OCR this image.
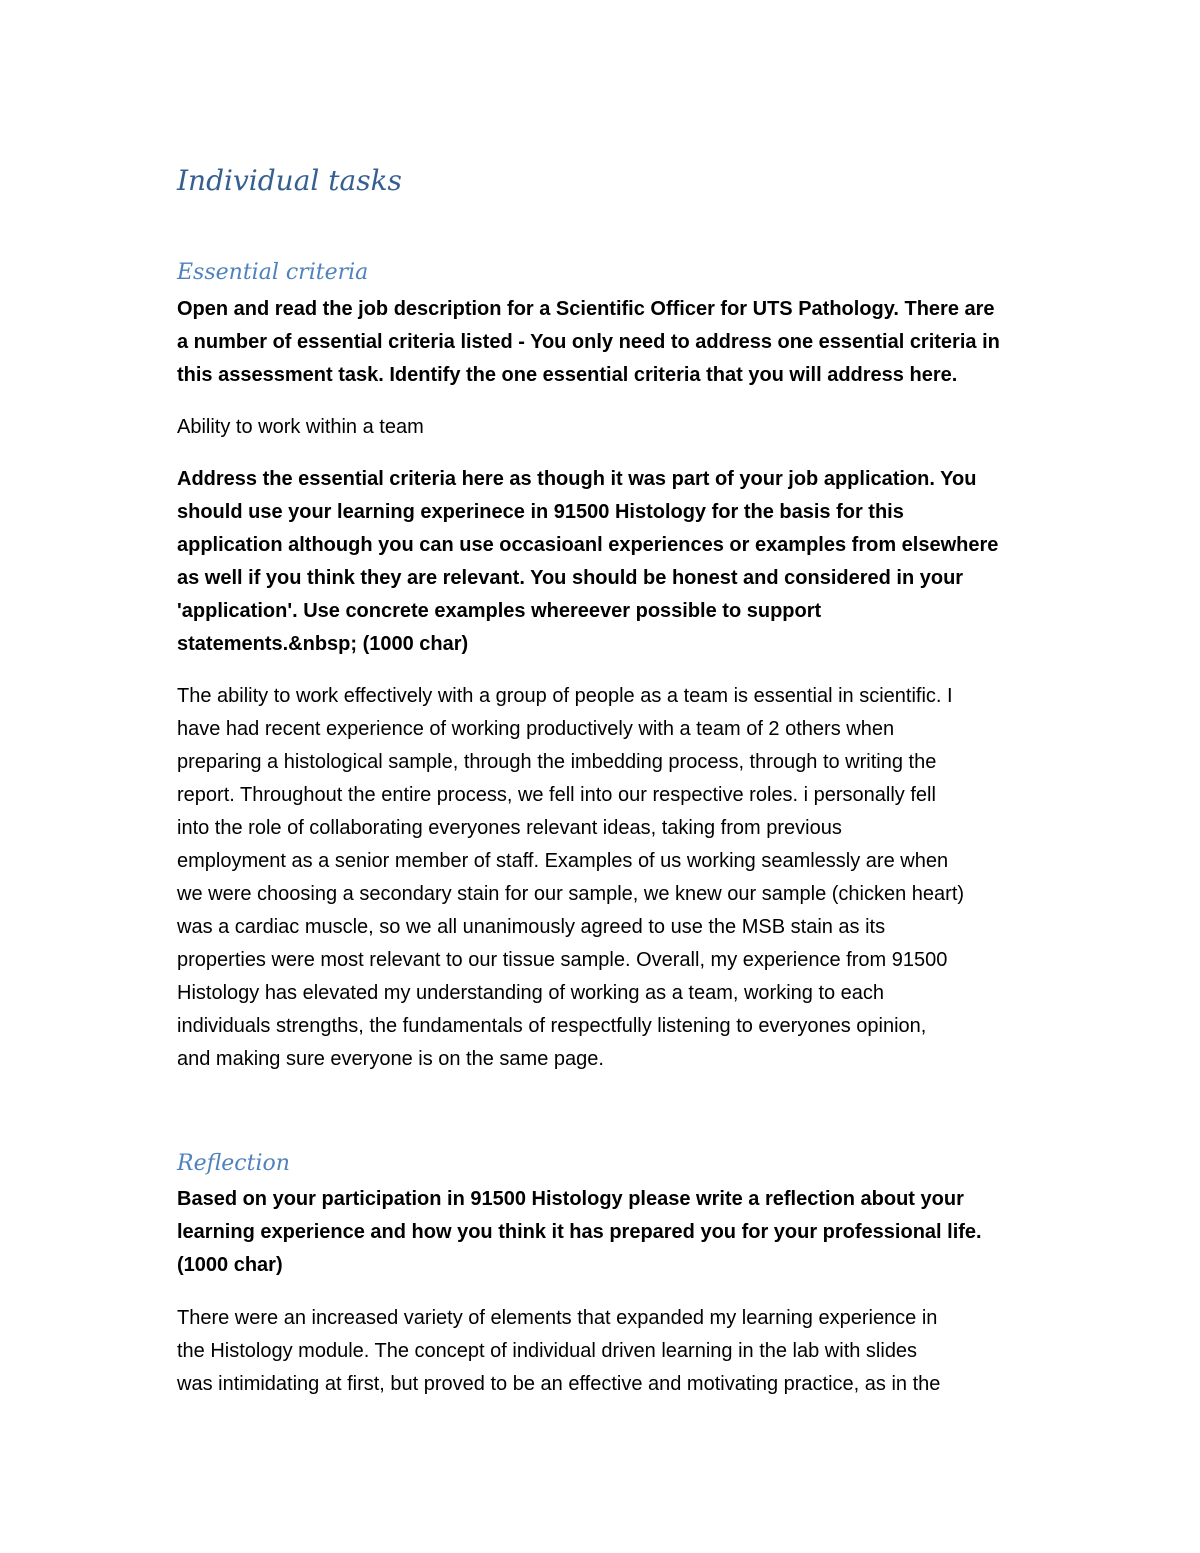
Individual tasks
Essential criteria
Open and read the job description for a Scientific Officer for UTS Pathology. There are
a number of essential criteria listed - You only need to address one essential criteria in
this assessment task. Identify the one essential criteria that you will address here.
Ability to work within a team
Address the essential criteria here as though it was part of your job application. You
should use your learning experinece in 91500 Histology for the basis for this
application although you can use occasioanl experiences or examples from elsewhere
as well if you think they are relevant. You should be honest and considered in your
'application'. Use concrete examples whereever possible to support
statements.&nbsp; (1000 char)
The ability to work effectively with a group of people as a team is essential in scientific. I
have had recent experience of working productively with a team of 2 others when
preparing a histological sample, through the imbedding process, through to writing the
report. Throughout the entire process, we fell into our respective roles. i personally fell
into the role of collaborating everyones relevant ideas, taking from previous
employment as a senior member of staff. Examples of us working seamlessly are when
we were choosing a secondary stain for our sample, we knew our sample (chicken heart)
was a cardiac muscle, so we all unanimously agreed to use the MSB stain as its
properties were most relevant to our tissue sample. Overall, my experience from 91500
Histology has elevated my understanding of working as a team, working to each
individuals strengths, the fundamentals of respectfully listening to everyones opinion,
and making sure everyone is on the same page.
Reflection
Based on your participation in 91500 Histology please write a reflection about your
learning experience and how you think it has prepared you for your professional life.
(1000 char)
There were an increased variety of elements that expanded my learning experience in
the Histology module. The concept of individual driven learning in the lab with slides
was intimidating at first, but proved to be an effective and motivating practice, as in the
